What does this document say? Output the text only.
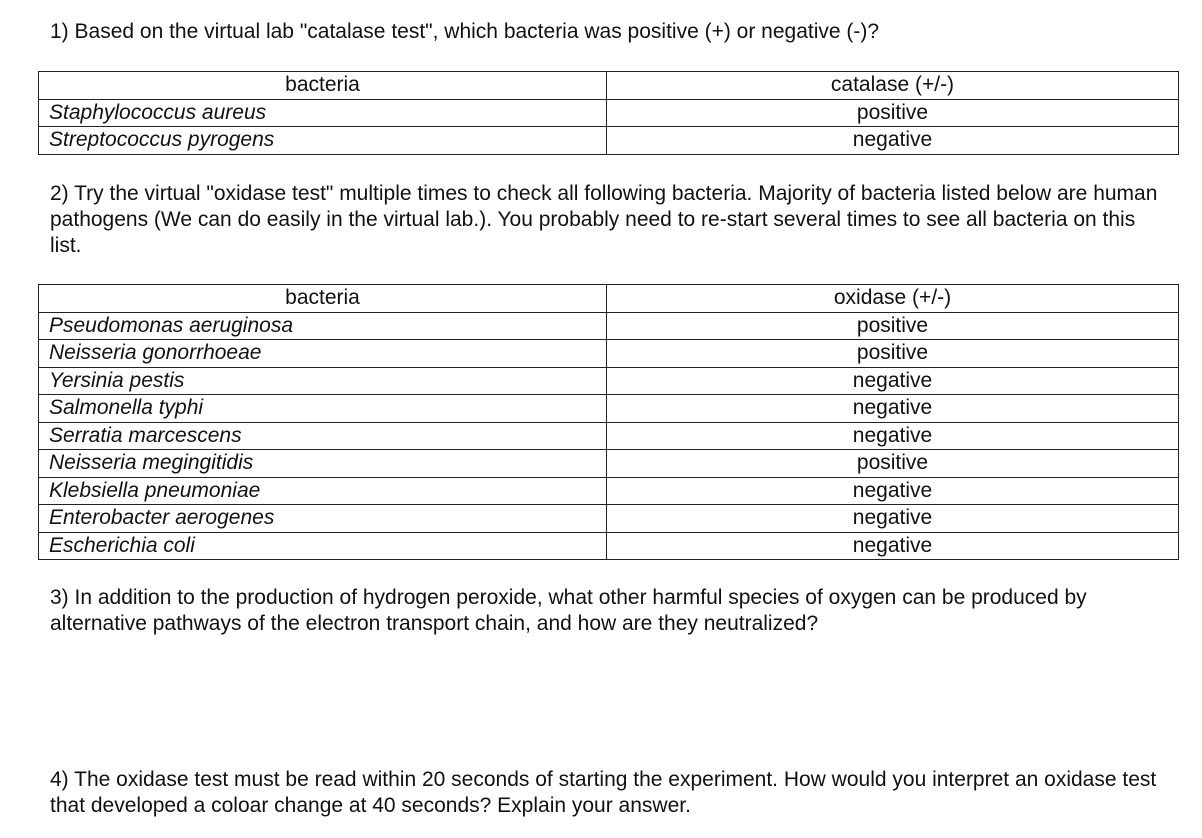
1) Based on the virtual lab "catalase test", which bacteria was positive (+) or negative (-)?

bacteria	catalase (+/-)
Staphylococcus aureus	positive
Streptococcus pyrogens	negative

2) Try the virtual "oxidase test" multiple times to check all following bacteria. Majority of bacteria listed below are human pathogens (We can do easily in the virtual lab.). You probably need to re-start several times to see all bacteria on this list.

bacteria	oxidase (+/-)
Pseudomonas aeruginosa	positive
Neisseria gonorrhoeae	positive
Yersinia pestis	negative
Salmonella typhi	negative
Serratia marcescens	negative
Neisseria megingitidis	positive
Klebsiella pneumoniae	negative
Enterobacter aerogenes	negative
Escherichia coli	negative

3) In addition to the production of hydrogen peroxide, what other harmful species of oxygen can be produced by alternative pathways of the electron transport chain, and how are they neutralized?

4) The oxidase test must be read within 20 seconds of starting the experiment. How would you interpret an oxidase test that developed a coloar change at 40 seconds? Explain your answer.
